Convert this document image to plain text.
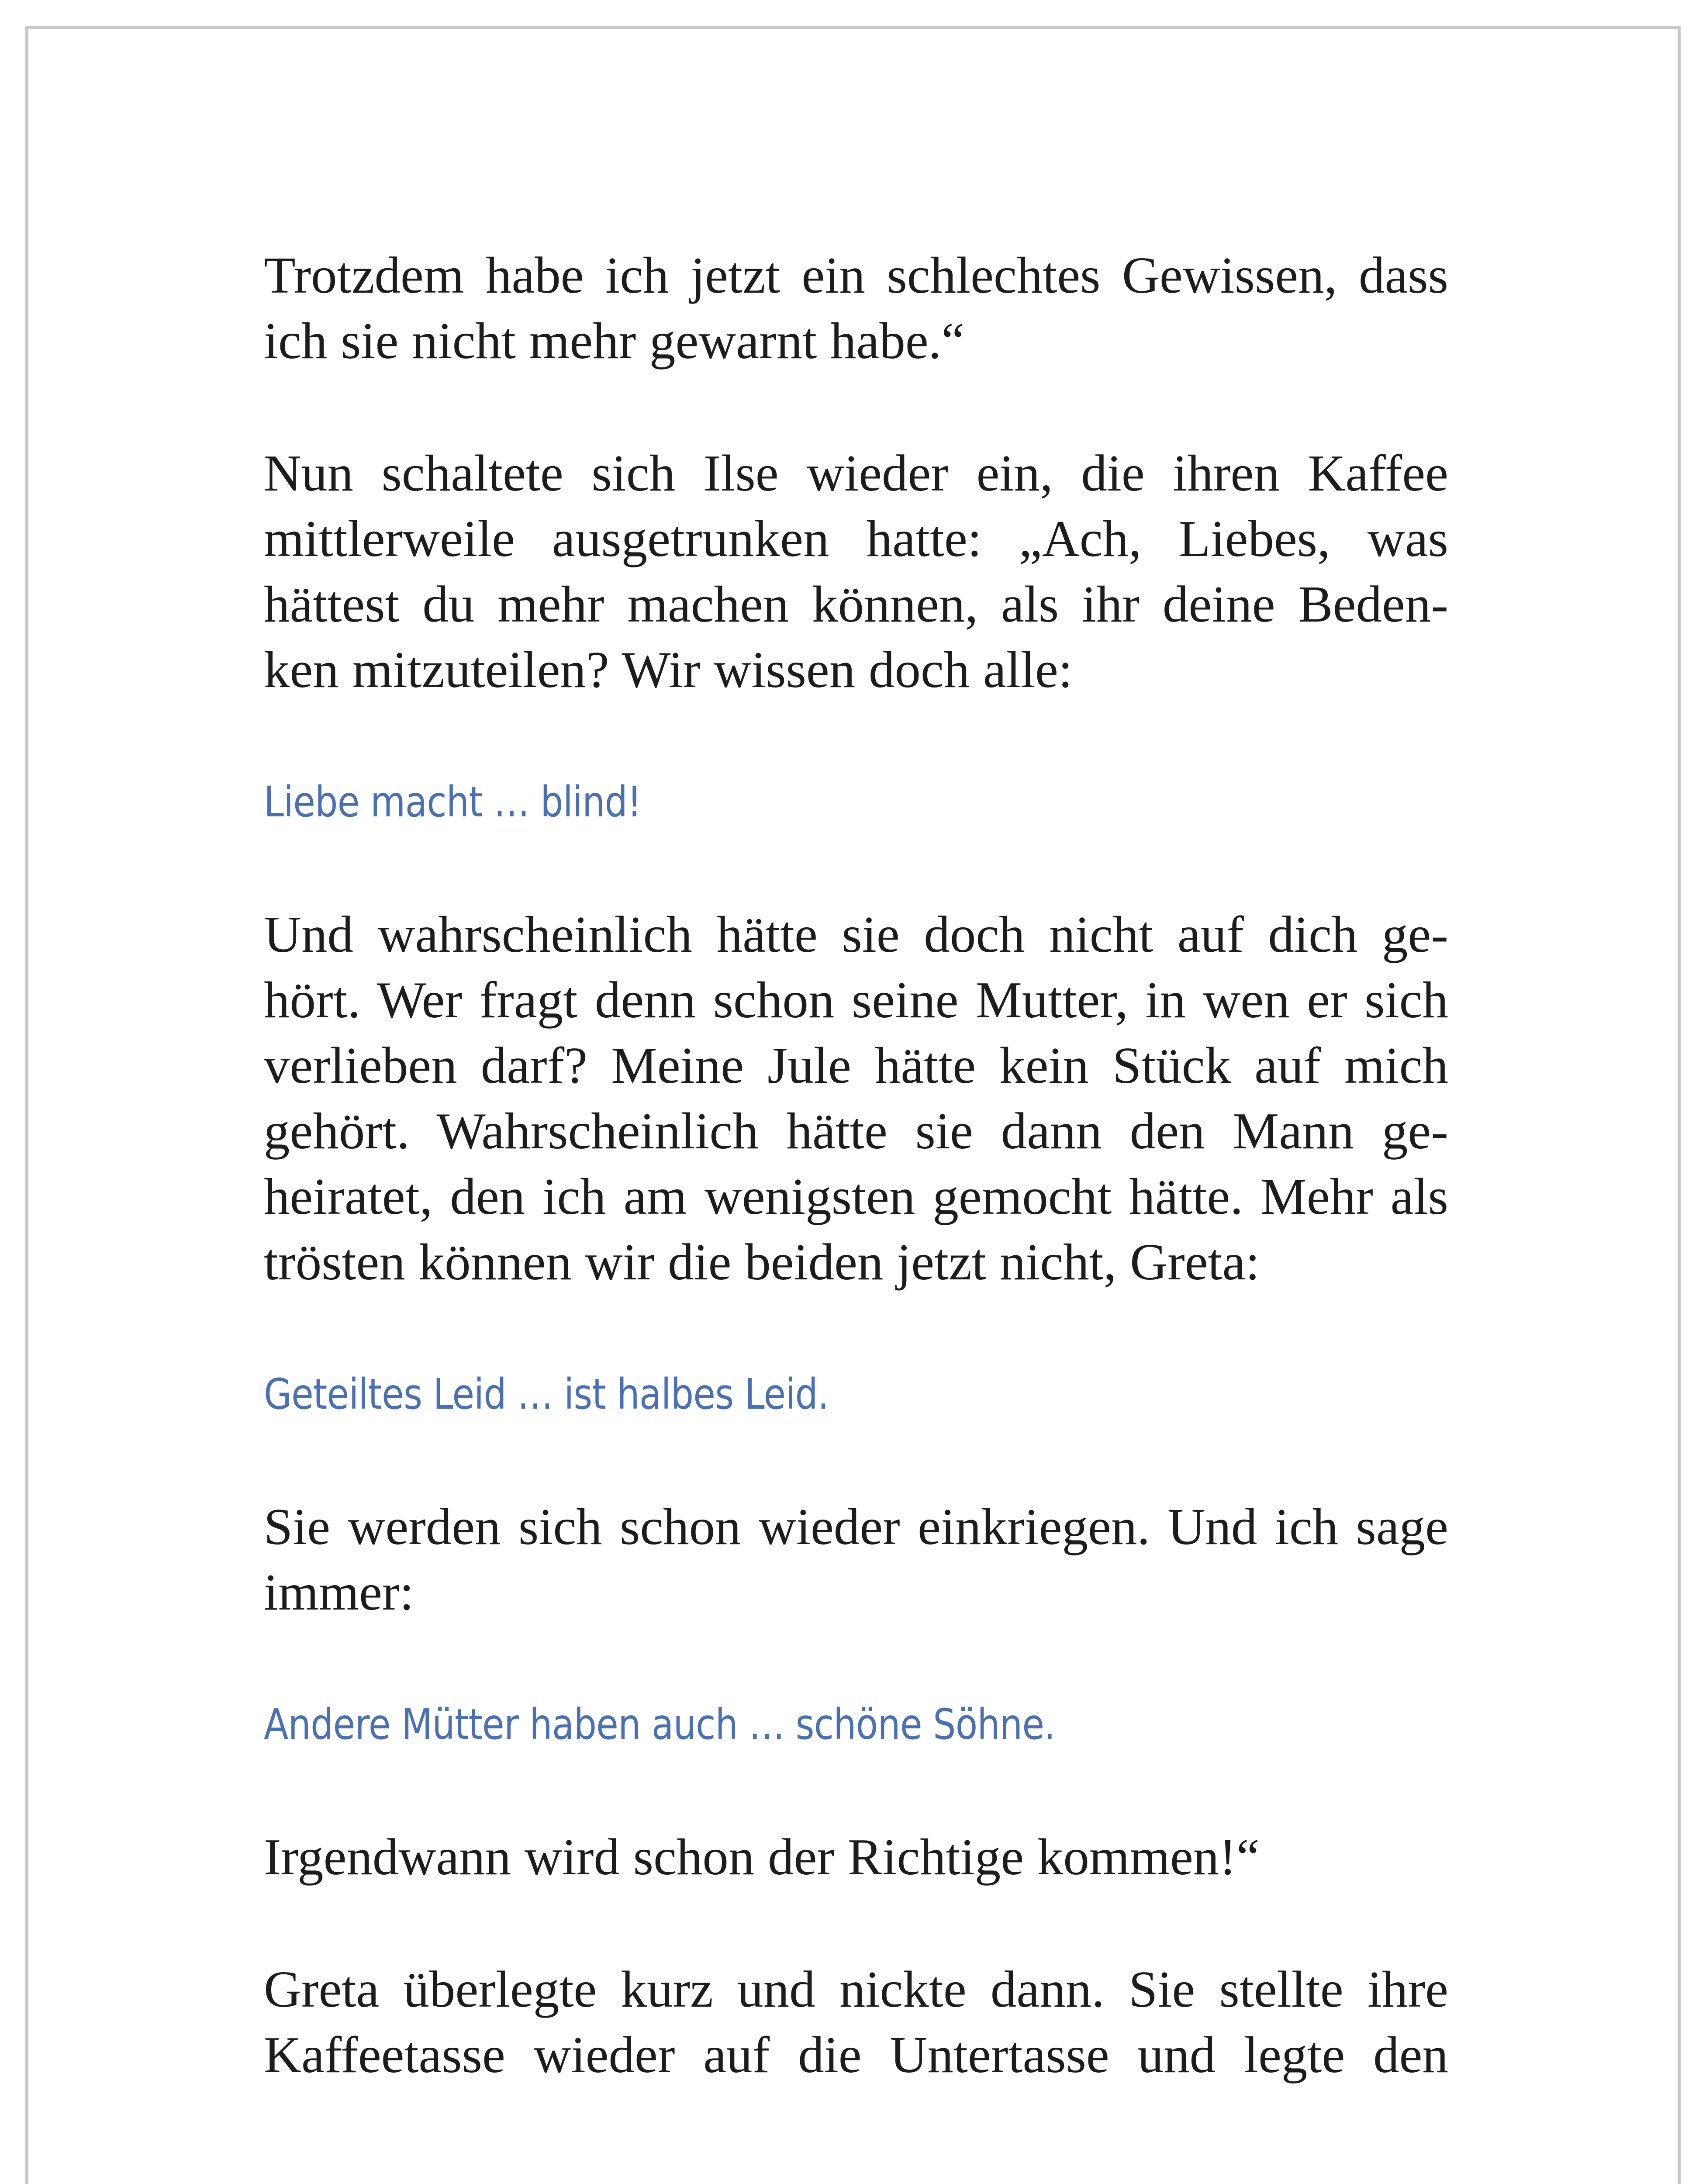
Trotzdem habe ich jetzt ein schlechtes Gewissen, dass
ich sie nicht mehr gewarnt habe.“

Nun schaltete sich Ilse wieder ein, die ihren Kaffee
mittlerweile ausgetrunken hatte: „Ach, Liebes, was
hättest du mehr machen können, als ihr deine Beden-
ken mitzuteilen? Wir wissen doch alle:

Liebe macht … blind!

Und wahrscheinlich hätte sie doch nicht auf dich ge-
hört. Wer fragt denn schon seine Mutter, in wen er sich
verlieben darf? Meine Jule hätte kein Stück auf mich
gehört. Wahrscheinlich hätte sie dann den Mann ge-
heiratet, den ich am wenigsten gemocht hätte. Mehr als
trösten können wir die beiden jetzt nicht, Greta:

Geteiltes Leid … ist halbes Leid.

Sie werden sich schon wieder einkriegen. Und ich sage
immer:

Andere Mütter haben auch … schöne Söhne.

Irgendwann wird schon der Richtige kommen!“

Greta überlegte kurz und nickte dann. Sie stellte ihre
Kaffeetasse wieder auf die Untertasse und legte den
